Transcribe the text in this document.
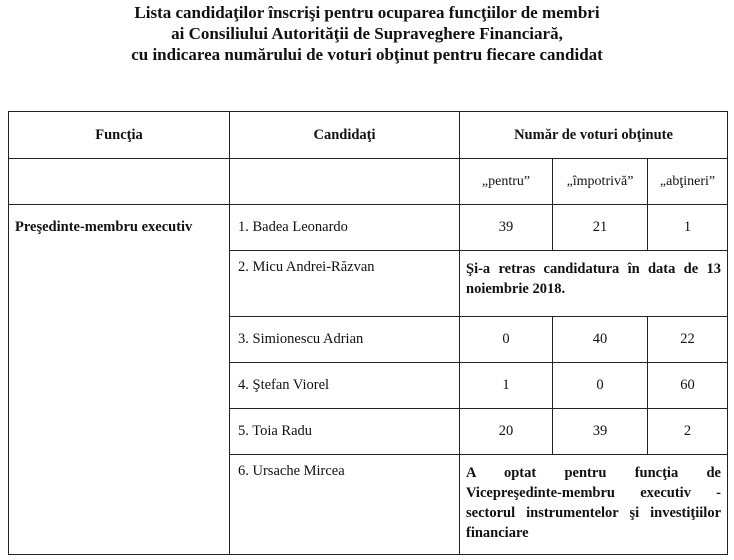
Lista candidaţilor înscrişi pentru ocuparea funcţiilor de membri
ai Consiliului Autorităţii de Supraveghere Financiară,
cu indicarea numărului de voturi obţinut pentru fiecare candidat
Funcţia	Candidaţi	Număr de voturi obţinute		
		„pentru”	„împotrivă”	„abţineri”
Preşedinte-membru executiv	1. Badea Leonardo	39	21	1
	2. Micu Andrei-Răzvan	Şi-a retras candidatura în data de 13 noiembrie 2018.		
	3. Simionescu Adrian	0	40	22
	4. Ştefan Viorel	1	0	60
	5. Toia Radu	20	39	2
	6. Ursache Mircea	A optat pentru funcţia de Vicepreşedinte-membru executiv - sectorul instrumentelor şi investiţiilor financiare		
